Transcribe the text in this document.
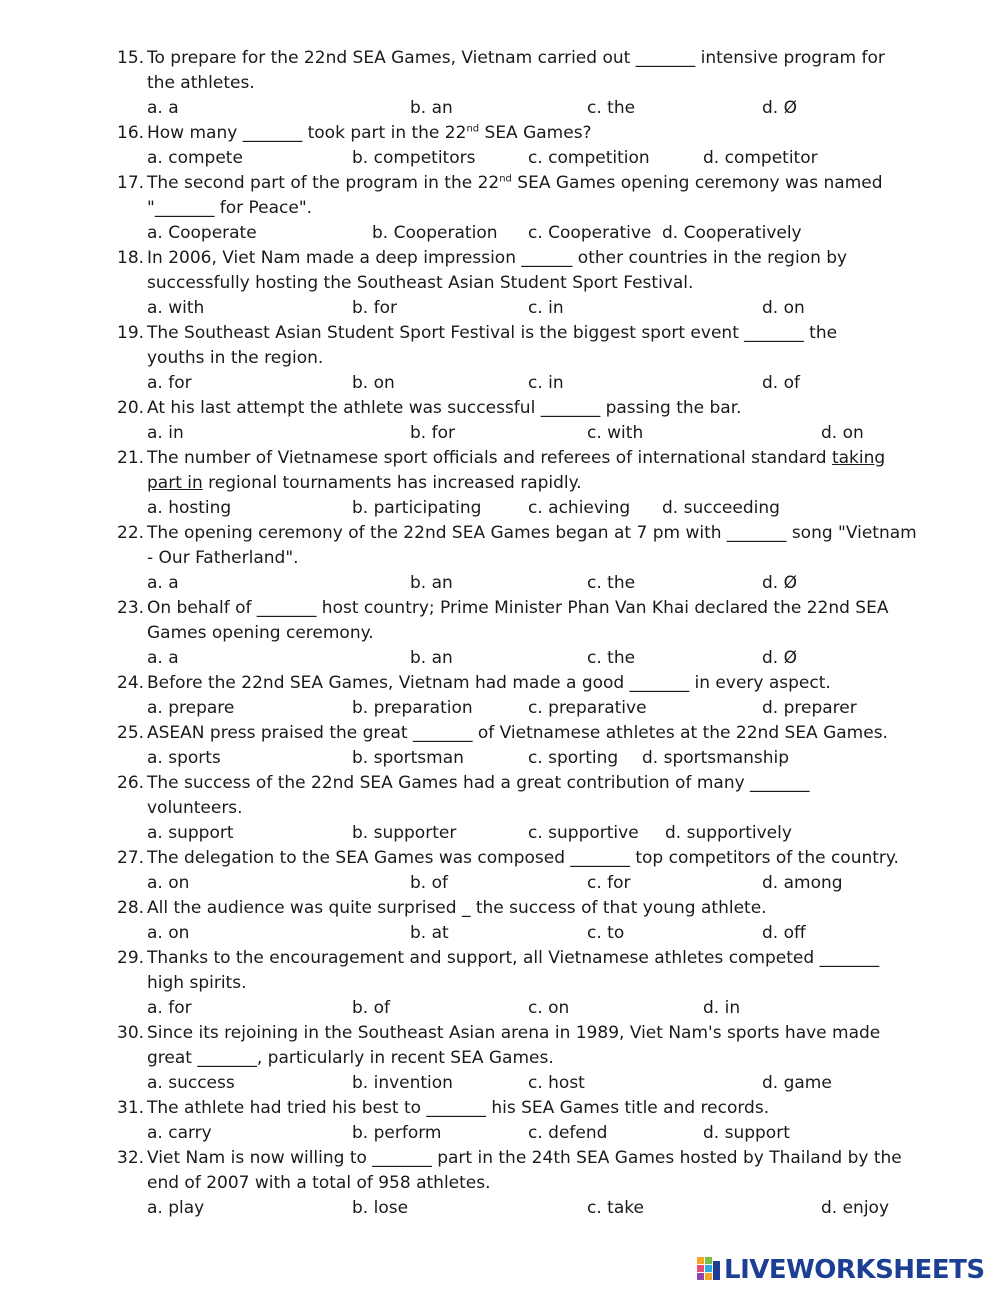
15. To prepare for the 22nd SEA Games, Vietnam carried out _______ intensive program for
the athletes.
a. a	b. an	c. the	d. Ø
16. How many _______ took part in the 22nd SEA Games?
a. compete	b. competitors	c. competition	d. competitor
17. The second part of the program in the 22nd SEA Games opening ceremony was named
"_______ for Peace".
a. Cooperate	b. Cooperation c. Cooperative d. Cooperatively
18. In 2006, Viet Nam made a deep impression ______ other countries in the region by
successfully hosting the Southeast Asian Student Sport Festival.
a. with	b. for	c. in	d. on
19. The Southeast Asian Student Sport Festival is the biggest sport event _______ the
youths in the region.
a. for	b. on	c. in	d. of
20. At his last attempt the athlete was successful _______ passing the bar.
a. in	b. for	c. with	d. on
21. The number of Vietnamese sport officials and referees of international standard taking
part in regional tournaments has increased rapidly.
a. hosting	b. participating	c. achieving d. succeeding
22. The opening ceremony of the 22nd SEA Games began at 7 pm with _______ song "Vietnam
- Our Fatherland".
a. a	b. an	c. the	d. Ø
23. On behalf of _______ host country; Prime Minister Phan Van Khai declared the 22nd SEA
Games opening ceremony.
a. a	b. an	c. the	d. Ø
24. Before the 22nd SEA Games, Vietnam had made a good _______ in every aspect.
a. prepare	b. preparation	c. preparative	d. preparer
25. ASEAN press praised the great _______ of Vietnamese athletes at the 22nd SEA Games.
a. sports	b. sportsman	c. sporting d. sportsmanship
26. The success of the 22nd SEA Games had a great contribution of many _______
volunteers.
a. support	b. supporter	c. supportive d. supportively
27. The delegation to the SEA Games was composed _______ top competitors of the country.
a. on	b. of	c. for	d. among
28. All the audience was quite surprised _ the success of that young athlete.
a. on	b. at	c. to	d. off
29. Thanks to the encouragement and support, all Vietnamese athletes competed _______
high spirits.
a. for	b. of	c. on	d. in
30. Since its rejoining in the Southeast Asian arena in 1989, Viet Nam's sports have made
great _______, particularly in recent SEA Games.
a. success	b. invention	c. host	d. game
31. The athlete had tried his best to _______ his SEA Games title and records.
a. carry	b. perform	c. defend	d. support
32. Viet Nam is now willing to _______ part in the 24th SEA Games hosted by Thailand by the
end of 2007 with a total of 958 athletes.
a. play	b. lose	c. take	d. enjoy
LIVEWORKSHEETS
